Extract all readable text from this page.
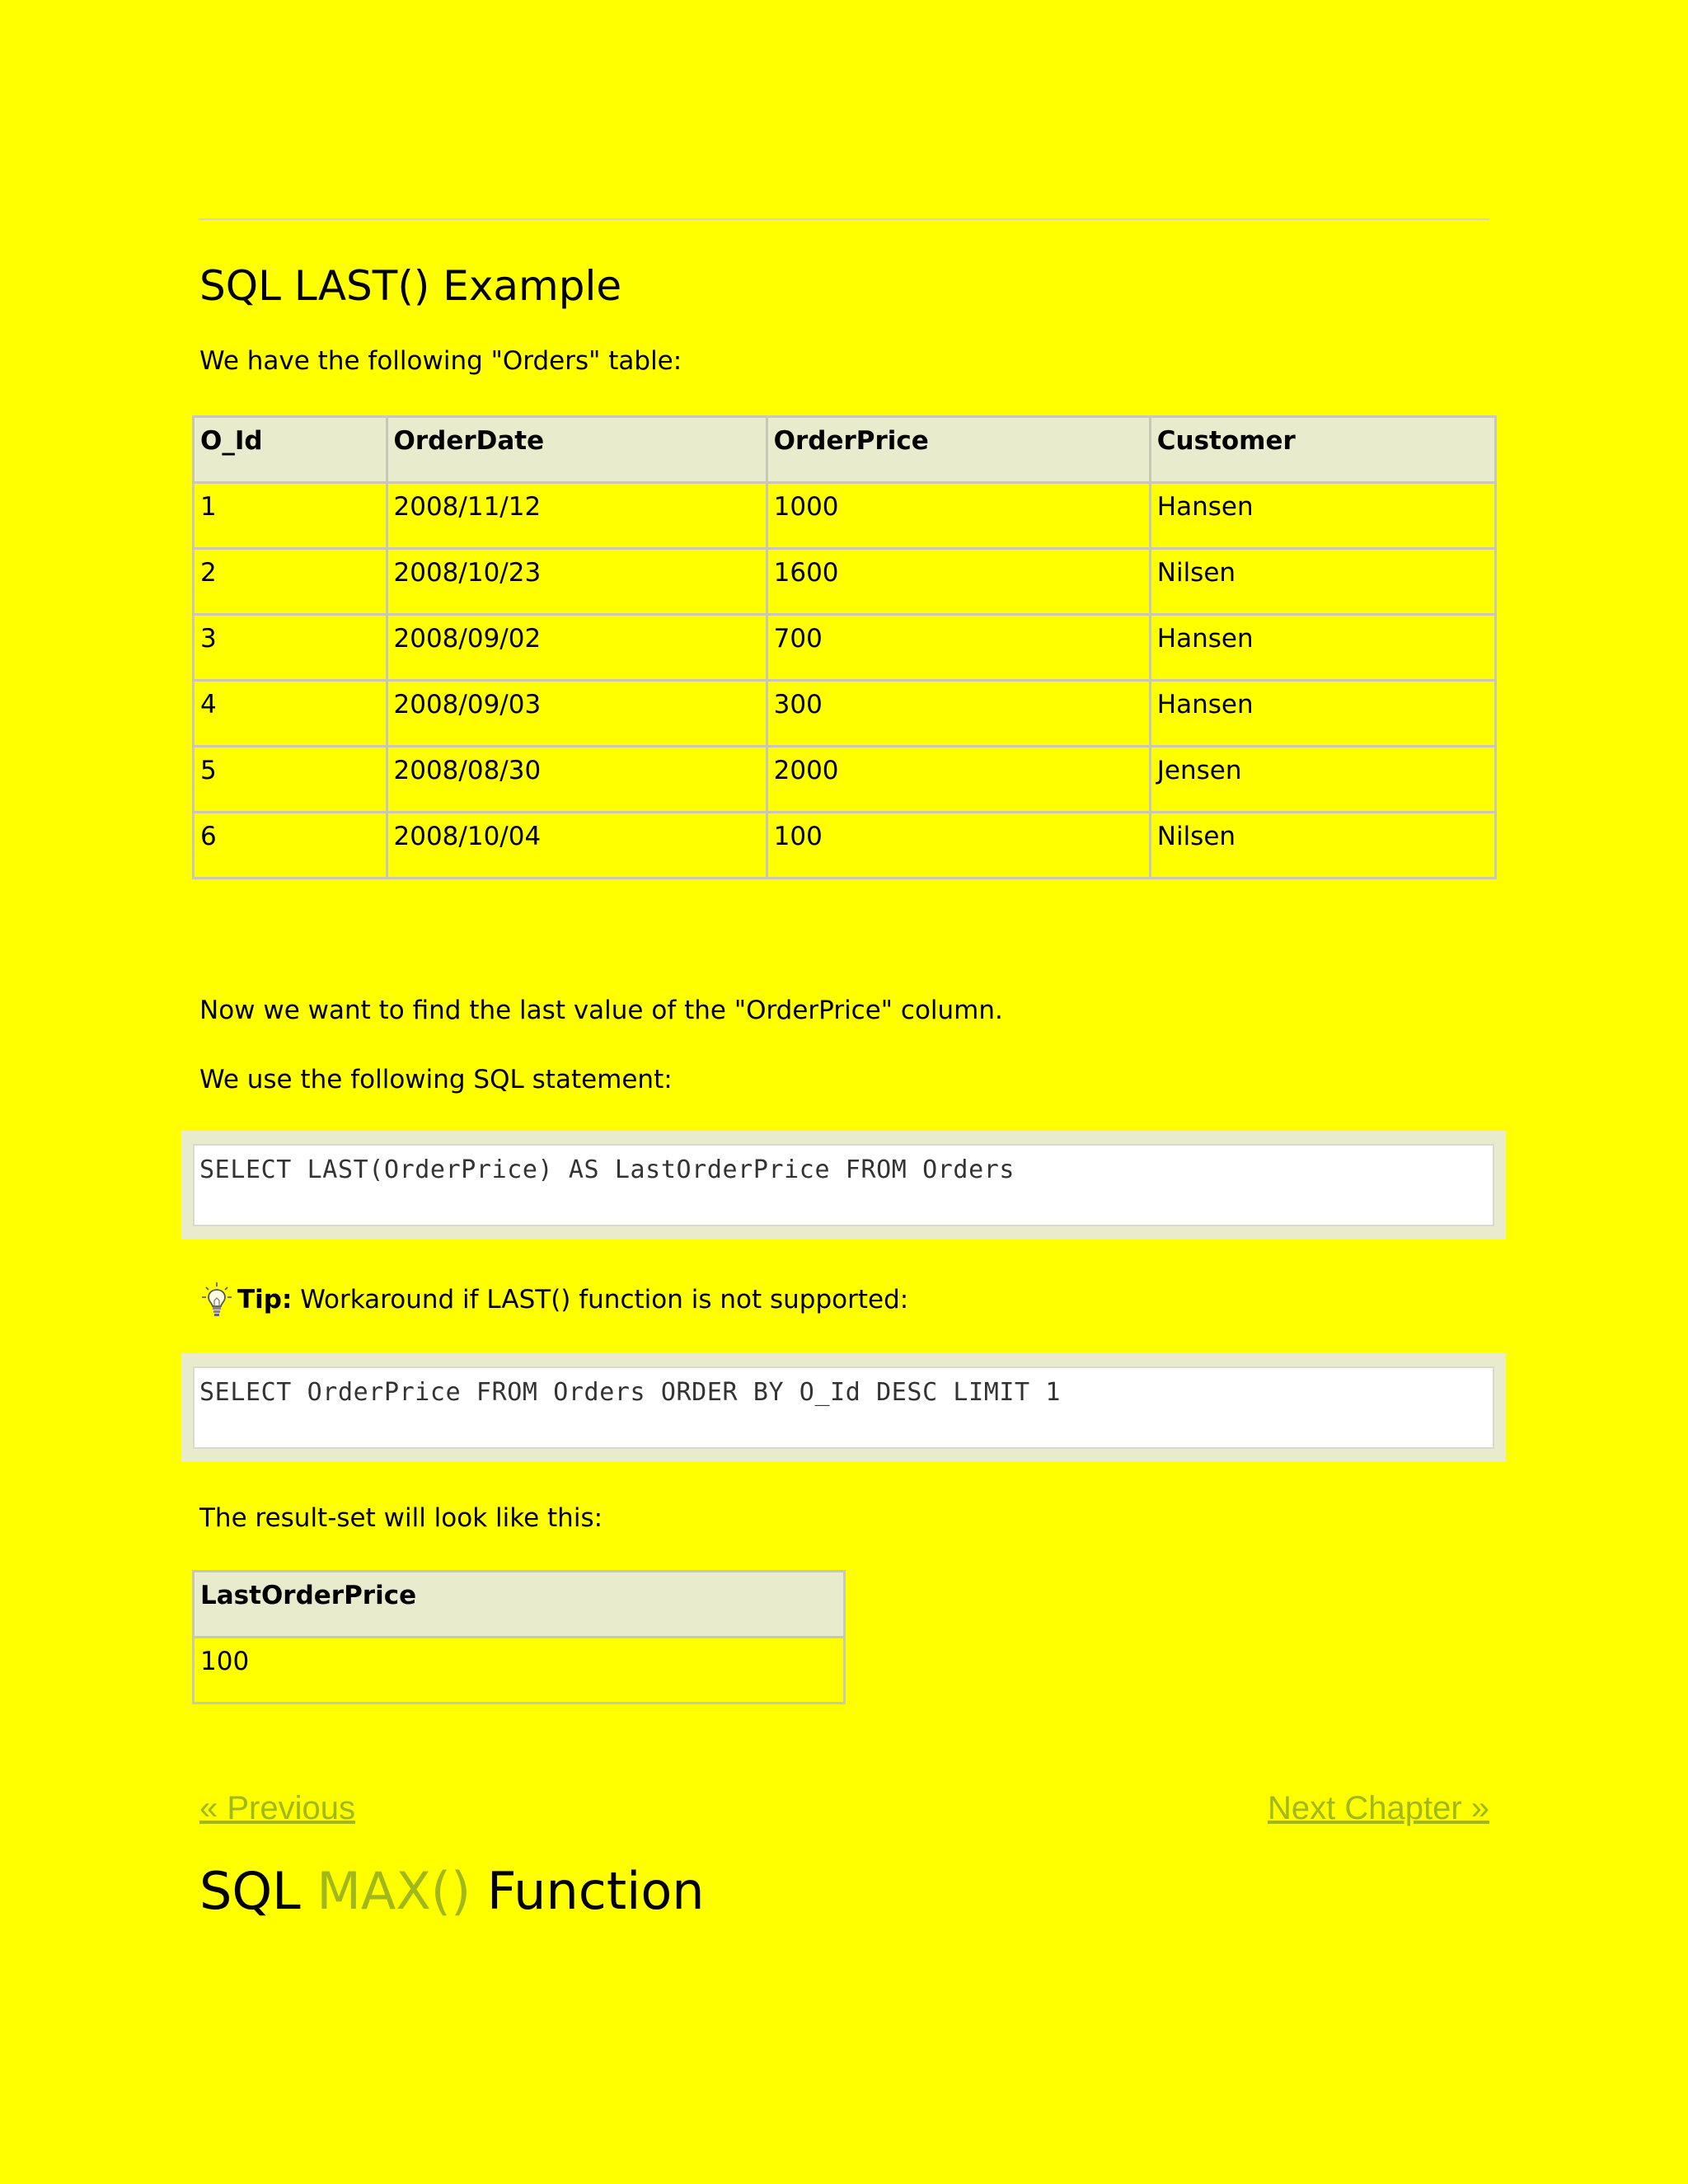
SQL LAST() Example

We have the following "Orders" table:

O_Id	OrderDate	OrderPrice	Customer
1	2008/11/12	1000	Hansen
2	2008/10/23	1600	Nilsen
3	2008/09/02	700	Hansen
4	2008/09/03	300	Hansen
5	2008/08/30	2000	Jensen
6	2008/10/04	100	Nilsen

Now we want to find the last value of the "OrderPrice" column.

We use the following SQL statement:

SELECT LAST(OrderPrice) AS LastOrderPrice FROM Orders
Tip: Workaround if LAST() function is not supported:
SELECT OrderPrice FROM Orders ORDER BY O_Id DESC LIMIT 1

The result-set will look like this:

LastOrderPrice
100
« Previous	Next Chapter »
SQL MAX() Function
